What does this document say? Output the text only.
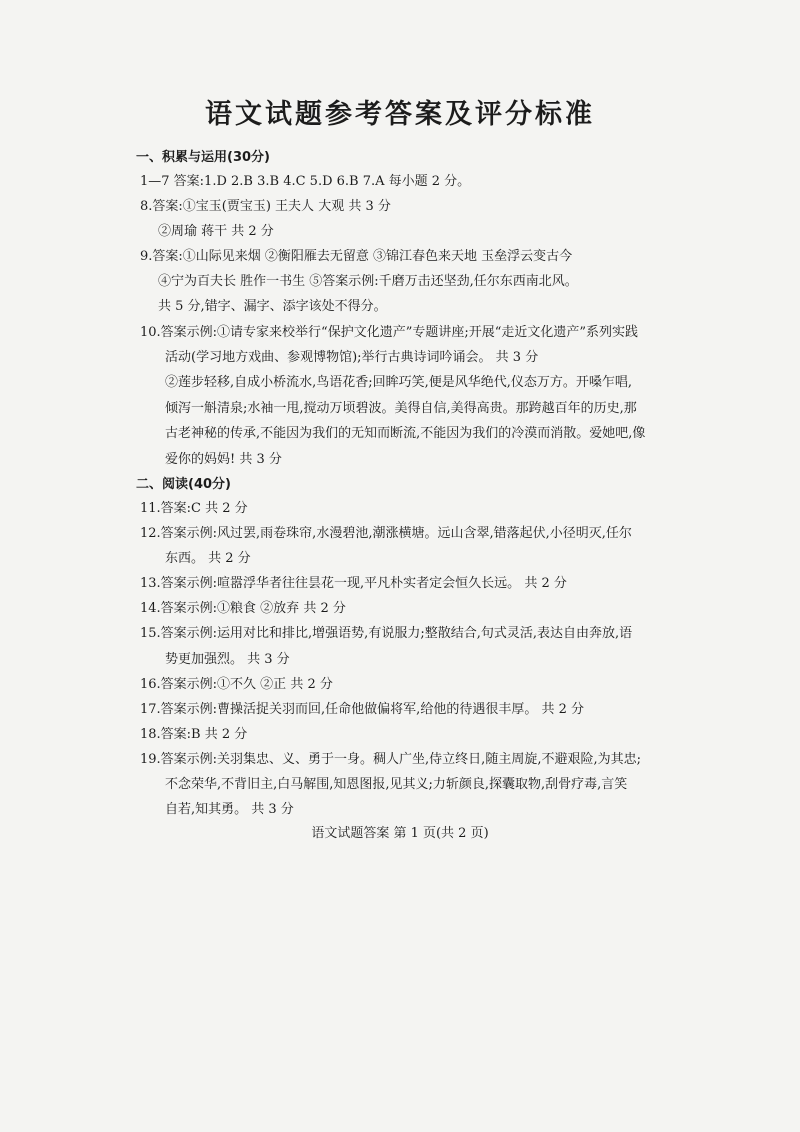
语文试题参考答案及评分标准
一、积累与运用(30分)
1—7 答案:1.D 2.B 3.B 4.C 5.D 6.B 7.A 每小题 2 分。
8.答案:①宝玉(贾宝玉) 王夫人 大观 共 3 分
②周瑜 蒋干 共 2 分
9.答案:①山际见来烟 ②衡阳雁去无留意 ③锦江春色来天地 玉垒浮云变古今
④宁为百夫长 胜作一书生 ⑤答案示例:千磨万击还坚劲,任尔东西南北风。
共 5 分,错字、漏字、添字该处不得分。
10.答案示例:①请专家来校举行“保护文化遗产”专题讲座;开展“走近文化遗产”系列实践
活动(学习地方戏曲、参观博物馆);举行古典诗词吟诵会。 共 3 分
②莲步轻移,自成小桥流水,鸟语花香;回眸巧笑,便是风华绝代,仪态万方。开嗓乍唱,
倾泻一斛清泉;水袖一甩,搅动万顷碧波。美得自信,美得高贵。那跨越百年的历史,那
古老神秘的传承,不能因为我们的无知而断流,不能因为我们的冷漠而消散。爱她吧,像
爱你的妈妈! 共 3 分
二、阅读(40分)
11.答案:C 共 2 分
12.答案示例:风过罢,雨卷珠帘,水漫碧池,潮涨横塘。远山含翠,错落起伏,小径明灭,任尔
东西。 共 2 分
13.答案示例:喧嚣浮华者往往昙花一现,平凡朴实者定会恒久长远。 共 2 分
14.答案示例:①粮食 ②放弃 共 2 分
15.答案示例:运用对比和排比,增强语势,有说服力;整散结合,句式灵活,表达自由奔放,语
势更加强烈。 共 3 分
16.答案示例:①不久 ②正 共 2 分
17.答案示例:曹操活捉关羽而回,任命他做偏将军,给他的待遇很丰厚。 共 2 分
18.答案:B 共 2 分
19.答案示例:关羽集忠、义、勇于一身。稠人广坐,侍立终日,随主周旋,不避艰险,为其忠;
不念荣华,不背旧主,白马解围,知恩图报,见其义;力斩颜良,探囊取物,刮骨疗毒,言笑
自若,知其勇。 共 3 分
语文试题答案 第 1 页(共 2 页)
